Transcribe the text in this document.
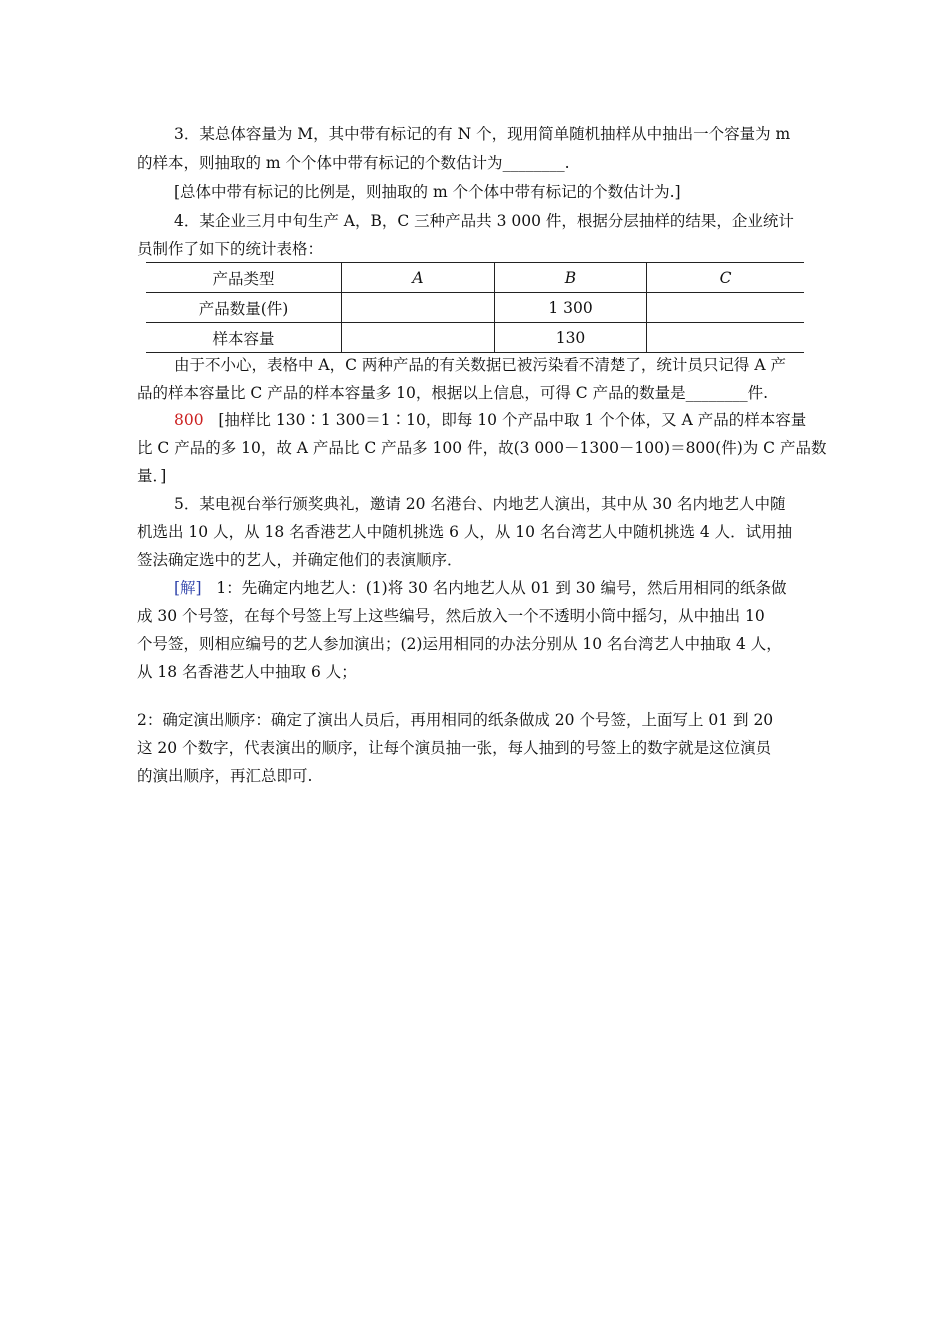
3．某总体容量为 M，其中带有标记的有 N 个，现用简单随机抽样从中抽出一个容量为 m
的样本，则抽取的 m 个个体中带有标记的个数估计为________.
[总体中带有标记的比例是，则抽取的 m 个个体中带有标记的个数估计为.]
4．某企业三月中旬生产 A，B，C 三种产品共 3 000 件，根据分层抽样的结果，企业统计
员制作了如下的统计表格：
产品类型	A	B	C
产品数量(件)		1 300	
样本容量		130	
由于不小心，表格中 A，C 两种产品的有关数据已被污染看不清楚了，统计员只记得 A 产
品的样本容量比 C 产品的样本容量多 10，根据以上信息，可得 C 产品的数量是________件.
800 [抽样比 130∶1 300＝1∶10，即每 10 个产品中取 1 个个体，又 A 产品的样本容量
比 C 产品的多 10，故 A 产品比 C 产品多 100 件，故(3 000－1300－100)＝800(件)为 C 产品数
量．]
5．某电视台举行颁奖典礼，邀请 20 名港台、内地艺人演出，其中从 30 名内地艺人中随
机选出 10 人，从 18 名香港艺人中随机挑选 6 人，从 10 名台湾艺人中随机挑选 4 人．试用抽
签法确定选中的艺人，并确定他们的表演顺序．
[解] 1：先确定内地艺人：(1)将 30 名内地艺人从 01 到 30 编号，然后用相同的纸条做
成 30 个号签，在每个号签上写上这些编号，然后放入一个不透明小筒中摇匀，从中抽出 10
个号签，则相应编号的艺人参加演出；(2)运用相同的办法分别从 10 名台湾艺人中抽取 4 人，
从 18 名香港艺人中抽取 6 人；
2：确定演出顺序：确定了演出人员后，再用相同的纸条做成 20 个号签，上面写上 01 到 20
这 20 个数字，代表演出的顺序，让每个演员抽一张，每人抽到的号签上的数字就是这位演员
的演出顺序，再汇总即可.
